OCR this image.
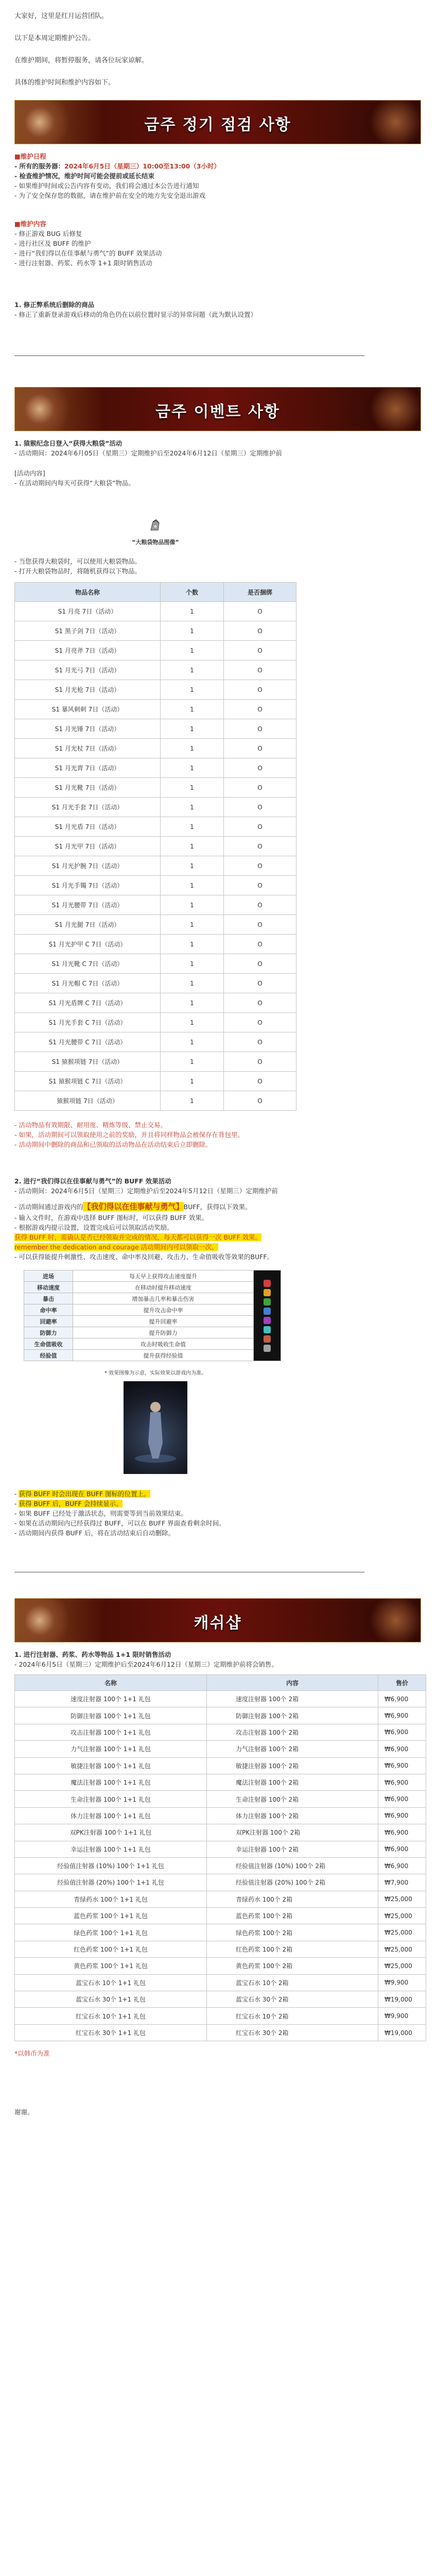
大家好，这里是红月运营团队。

以下是本周定期维护公告。

在维护期间，将暂停服务，请各位玩家谅解。

具体的维护时间和维护内容如下。

금주 정기 점검 사항

■维护日程

- 所有的服务器：2024年6月5日（星期三）10:00至13:00（3小时）

- 检查维护情况，维护时间可能会提前或延长结束

- 如果维护时间或公告内容有变动，我们将会通过本公告进行通知

- 为了安全保存您的数据，请在维护前在安全的地方先安全退出游戏

■维护内容

- 修正游戏 BUG 后修复

- 进行社区及 BUFF 的维护

- 进行“我们得以在佳事献与勇气”的 BUFF 效果活动

- 进行注射器、药浆、药水等 1+1 限时销售活动

1. 修正弊系统后删除的商品

- 修正了重新登录游戏后移动的角色仍在以前位置时显示的异常问题（此为默认设置）

금주 이벤트 사항

1. 猿猴纪念日登入“获得大粮袋”活动

- 活动期间：2024年6月05日（星期三）定期维护后至2024年6月12日（星期三）定期维护前

[活动内容]

- 在活动期间内每天可获得“大粮袋”物品。

“大粮袋物品图像”

- 当您获得大粮袋时，可以使用大粮袋物品。

- 打开大粮袋物品时，将随机获得以下物品。

物品名称	个数	是否捆绑
S1 月亮 7日（活动）	1	O
S1 黑子剑 7日（活动）	1	O
S1 月亮斧 7日（活动）	1	O
S1 月光弓 7日（活动）	1	O
S1 月光枪 7日（活动）	1	O
S1 暴风刺刺 7日（活动）	1	O
S1 月光锤 7日（活动）	1	O
S1 月光杖 7日（活动）	1	O
S1 月光胄 7日（活动）	1	O
S1 月光靴 7日（活动）	1	O
S1 月光手套 7日（活动）	1	O
S1 月光盾 7日（活动）	1	O
S1 月光甲 7日（活动）	1	O
S1 月光护腕 7日（活动）	1	O
S1 月光手镯 7日（活动）	1	O
S1 月光腰带 7日（活动）	1	O
S1 月光腿 7日（活动）	1	O
S1 月光护甲 C 7日（活动）	1	O
S1 月光靴 C 7日（活动）	1	O
S1 月光帽 C 7日（活动）	1	O
S1 月光盾牌 C 7日（活动）	1	O
S1 月光手套 C 7日（活动）	1	O
S1 月光腰带 C 7日（活动）	1	O
S1 猿猴项链 7日（活动）	1	O
S1 猿猴项链 C 7日（活动）	1	O
猿猴项链 7日（活动）	1	O

- 活动物品有效期限、耐用度、精炼等级、禁止交易。

- 如果，活动期间可以领取使用之前的奖励，并且将同样物品会被保存在背包里。

- 活动期间中删除的商品和已领取的活动物品在活动结束后立即删除。

2. 进行“我们得以在佳事献与勇气”的 BUFF 效果活动

- 活动期间：2024年6月5日（星期三）定期维护后至2024年5月12日（星期三）定期维护前

- 活动期间通过游戏内的【我们得以在佳事献与勇气】BUFF，获得以下效果。

- 输入文件时，在游戏中选择 BUFF 图标时，可以获得 BUFF 效果。

- 根据游戏内提示设置，设置完成后可以领取活动奖励。

获得 BUFF 时，需确认是否已经领取并完成的情况，每天都可以获得一次 BUFF 效果。

remember the dedication and courage 活动期间内可以领取一次。

- 可以获得能提升刺激性、攻击速度、命中率及回避、攻击力、生命值吸收等效果的BUFF。

进场	每天早上获得攻击速度提升	

移动速度	在移动时提升移动速度	
暴击	增加暴击几率和暴击伤害	
命中率	提升攻击命中率	
回避率	提升回避率	
防御力	提升防御力	
生命值吸收	攻击时吸收生命值	
经验值	提升获得经验值	

* 效果图像为示意，实际效果以游戏内为准。

- 获得 BUFF 时会出现在 BUFF 图标的位置上。

- 获得 BUFF 后，BUFF 会持续显示。

- 如果 BUFF 已经处于激活状态，则需要等到当前效果结束。

- 如果在活动期间内已经获得过 BUFF，可以在 BUFF 界面查看剩余时间。

- 活动期间内获得 BUFF 后，将在活动结束后自动删除。

캐쉬샵

1. 进行注射器、药浆、药水等物品 1+1 限时销售活动

- 2024年6月5日（星期三）定期维护后至2024年6月12日（星期三）定期维护前将会销售。

名称	内容	售价
速度注射器 100个 1+1 礼包	速度注射器 100个 2箱	₩6,900
防御注射器 100个 1+1 礼包	防御注射器 100个 2箱	₩6,900
攻击注射器 100个 1+1 礼包	攻击注射器 100个 2箱	₩6,900
力气注射器 100个 1+1 礼包	力气注射器 100个 2箱	₩6,900
敏捷注射器 100个 1+1 礼包	敏捷注射器 100个 2箱	₩6,900
魔法注射器 100个 1+1 礼包	魔法注射器 100个 2箱	₩6,900
生命注射器 100个 1+1 礼包	生命注射器 100个 2箱	₩6,900
体力注射器 100个 1+1 礼包	体力注射器 100个 2箱	₩6,900
双PK注射器 100个 1+1 礼包	双PK注射器 100个 2箱	₩6,900
幸运注射器 100个 1+1 礼包	幸运注射器 100个 2箱	₩6,900
经验值注射器 (10%) 100个 1+1 礼包	经验值注射器 (10%) 100个 2箱	₩6,900
经验值注射器 (20%) 100个 1+1 礼包	经验值注射器 (20%) 100个 2箱	₩7,900
青绿药水 100个 1+1 礼包	青绿药水 100个 2箱	₩25,000
蓝色药浆 100个 1+1 礼包	蓝色药浆 100个 2箱	₩25,000
绿色药浆 100个 1+1 礼包	绿色药浆 100个 2箱	₩25,000
红色药浆 100个 1+1 礼包	红色药浆 100个 2箱	₩25,000
黄色药浆 100个 1+1 礼包	黄色药浆 100个 2箱	₩25,000
蓝宝石水 10个 1+1 礼包	蓝宝石水 10个 2箱	₩9,900
蓝宝石水 30个 1+1 礼包	蓝宝石水 30个 2箱	₩19,000
红宝石水 10个 1+1 礼包	红宝石水 10个 2箱	₩9,900
红宝石水 30个 1+1 礼包	红宝石水 30个 2箱	₩19,000

*以韩币为准

谢谢。
